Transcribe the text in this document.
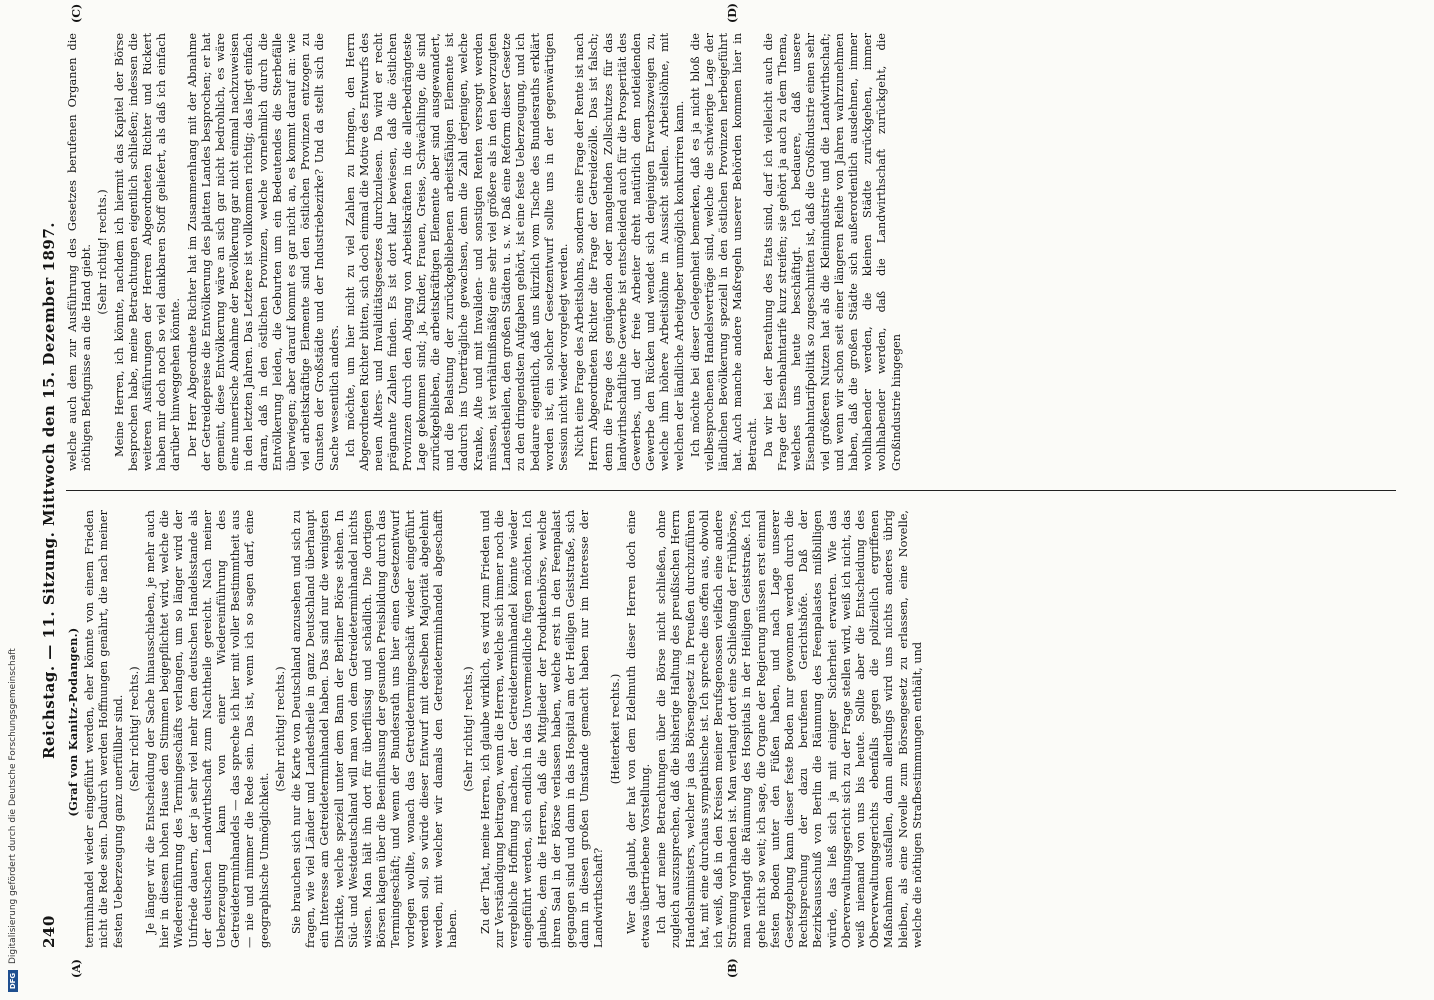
DFG
Digitalisierung gefördert durch die Deutsche Forschungsgemeinschaft 240
Reichstag. — 11. Sitzung. Mittwoch den 15. Dezember 1897. (Graf von Kanitz-Podangen.) terminhandel wieder eingeführt werden, eher könnte von einem Frieden nicht die Rede sein. Dadurch werden Hoffnungen genährt, die nach meiner festen Ueberzeugung ganz unerfüllbar sind. (Sehr richtig! rechts.) Je länger wir die Entscheidung der Sache hinausschieben, je mehr auch hier in diesem hohen Hause den Stimmen beigepflichtet wird, welche die Wiedereinführung des Termingeschäfts verlangen, um so länger wird der Unfriede dauern, der ja sehr viel mehr dem deutschen Handelsstande als der deutschen Landwirthschaft zum Nachtheile gereicht. Nach meiner Ueberzeugung kann von einer Wiedereinführung des Getreideterminhandels — das spreche ich hier mit voller Bestimmtheit aus — nie und nimmer die Rede sein. Das ist, wenn ich so sagen darf, eine geographische Unmöglichkeit.

(Sehr richtig! rechts.) Sie brauchen sich nur die Karte von Deutschland anzusehen und sich zu fragen, wie viel Länder und Landestheile in ganz Deutschland überhaupt ein Interesse am Getreideterminhandel haben. Das sind nur die wenigsten Distrikte, welche speziell unter dem Bann der Berliner Börse stehen. In Süd- und Westdeutschland will man von dem Getreideterminhandel nichts wissen. Man hält ihn dort für überflüssig und schädlich. Die dortigen Börsen klagen über die Beeinflussung der gesunden Preisbildung durch das Termingeschäft; und wenn der Bundesrath uns hier einen Gesetzentwurf vorlegen wollte, wonach das Getreidetermingeschäft wieder eingeführt werden soll, so würde dieser Entwurf mit derselben Majorität abgelehnt werden, mit welcher wir damals den Getreideterminhandel abgeschafft haben.

(Sehr richtig! rechts.) Zu der That, meine Herren, ich glaube wirklich, es wird zum Frieden und zur Verständigung beitragen, wenn die Herren, welche sich immer noch die vergebliche Hoffnung machen, der Getreideterminhandel könnte wieder eingeführt werden, sich endlich in das Unvermeidliche fügen möchten. Ich glaube, dem die Herren, daß die Mitglieder der Produktenbörse, welche ihren Saal in der Börse verlassen haben, welche erst in den Feenpalast gegangen sind und dann in das Hospital am der Heiligen Geiststraße, sich dann in diesen großen Umstande gemacht haben nur im Interesse der Landwirthschaft?

(Heiterkeit rechts.) Wer das glaubt, der hat von dem Edelmuth dieser Herren doch eine etwas übertriebene Vorstellung. Ich darf meine Betrachtungen über die Börse nicht schließen, ohne zugleich auszusprechen, daß die bisherige Haltung des preußischen Herrn Handelsministers, welcher ja das Börsengesetz in Preußen durchzuführen hat, mit eine durchaus sympathische ist. Ich spreche dies offen aus, obwohl ich weiß, daß in den Kreisen meiner Berufsgenossen vielfach eine andere Strömung vorhanden ist. Man verlangt dort eine Schließung der Frühbörse, man verlangt die Räumung des Hospitals in der Heiligen Geiststraße. Ich gehe nicht so weit; ich sage, die Organe der Regierung müssen erst einmal festen Boden unter den Füßen haben, und nach Lage unserer Gesetzgebung kann dieser feste Boden nur gewonnen werden durch die Rechtsprechung der dazu berufenen Gerichtshöfe. Daß der Bezirksausschuß von Berlin die Räumung des Feenpalastes mißbilligen würde, das ließ sich ja mit einiger Sicherheit erwarten. Wie das Oberverwaltungsgericht sich zu der Frage stellen wird, weiß ich nicht, das weiß niemand von uns bis heute. Sollte aber die Entscheidung des Oberverwaltungsgerichts ebenfalls gegen die polizeilich ergriffenen Maßnahmen ausfallen, dann allerdings wird uns nichts anderes übrig bleiben, als eine Novelle zum Börsengesetz zu erlassen, eine Novelle, welche die nöthigen Strafbestimmungen enthält, und

welche auch dem zur Ausführung des Gesetzes berufenen Organen die nöthigen Befugnisse an die Hand giebt. (Sehr richtig! rechts.) Meine Herren, ich könnte, nachdem ich hiermit das Kapitel der Börse besprochen habe, meine Betrachtungen eigentlich schließen; indessen die weiteren Ausführungen der Herren Abgeordneten Richter und Rickert haben mir doch noch so viel dankbaren Stoff geliefert, als daß ich einfach darüber hinweggehen könnte. Der Herr Abgeordnete Richter hat im Zusammenhang mit der Abnahme der Getreidepreise die Entvölkerung des platten Landes besprochen; er hat gemeint, diese Entvölkerung wäre an sich gar nicht bedrohlich, es wäre eine numerische Abnahme der Bevölkerung gar nicht einmal nachzuweisen in den letzten Jahren. Das Letztere ist vollkommen richtig; das liegt einfach daran, daß in den östlichen Provinzen, welche vornehmlich durch die Entvölkerung leiden, die Geburten um ein Bedeutendes die Sterbefälle überwiegen; aber darauf kommt es gar nicht an, es kommt darauf an: wie viel arbeitskräftige Elemente sind den östlichen Provinzen entzogen zu Gunsten der Großstädte und der Industriebezirke? Und da stellt sich die Sache wesentlich anders. Ich möchte, um hier nicht zu viel Zahlen zu bringen, den Herrn Abgeordneten Richter bitten, sich doch einmal die Motive des Entwurfs des neuen Alters- und Invaliditätsgesetzes durchzulesen. Da wird er recht prägnante Zahlen finden. Es ist dort klar bewiesen, daß die östlichen Provinzen durch den Abgang von Arbeitskräften in die allerbedrängteste Lage gekommen sind; ja, Kinder, Frauen, Greise, Schwächlinge, die sind zurückgeblieben, die arbeitskräftigen Elemente aber sind ausgewandert, und die Belastung der zurückgebliebenen arbeitsfähigen Elemente ist dadurch ins Unerträgliche gewachsen, denn die Zahl derjenigen, welche Kranke, Alte und mit Invaliden- und sonstigen Renten versorgt werden müssen, ist verhältnißmäßig eine sehr viel größere als in den bevorzugten Landestheilen, den großen Städten u. s. w. Daß eine Reform dieser Gesetze zu den dringendsten Aufgaben gehört, ist eine feste Ueberzeugung, und ich bedaure eigentlich, daß uns kürzlich vom Tische des Bundesraths erklärt worden ist, ein solcher Gesetzentwurf sollte uns in der gegenwärtigen Session nicht wieder vorgelegt werden. Nicht eine Frage des Arbeitslohns, sondern eine Frage der Rente ist nach Herrn Abgeordneten Richter die Frage der Getreidezölle. Das ist falsch; denn die Frage des genügenden oder mangelnden Zollschutzes für das landwirthschaftliche Gewerbe ist entscheidend auch für die Prosperität des Gewerbes, und der freie Arbeiter dreht natürlich dem notleidenden Gewerbe den Rücken und wendet sich denjenigen Erwerbszweigen zu, welche ihm höhere Arbeitslöhne in Aussicht stellen. Arbeitslöhne, mit welchen der ländliche Arbeitgeber unmöglich konkurriren kann. Ich möchte bei dieser Gelegenheit bemerken, daß es ja nicht bloß die vielbesprochenen Handelsverträge sind, welche die schwierige Lage der ländlichen Bevölkerung speziell in den östlichen Provinzen herbeigeführt hat. Auch manche andere Maßregeln unserer Behörden kommen hier in Betracht. Da wir bei der Berathung des Etats sind, darf ich vielleicht auch die Frage der Eisenbahntarife kurz streifen; sie gehört ja auch zu dem Thema, welches uns heute beschäftigt. Ich bedauere, daß unsere Eisenbahntarifpolitik so zugeschnitten ist, daß die Großindustrie einen sehr viel größeren Nutzen hat als die Kleinindustrie und die Landwirthschaft; und wenn wir schon seit einer längeren Reihe von Jahren wahrzunehmen haben, daß die großen Städte sich außerordentlich ausdehnen, immer wohlhabender werden, die kleinen Städte zurückgehen, immer wohlhabender werden, daß die Landwirthschaft zurückgeht, die Großindustrie hingegen

(A)	(B)
(C)	(D)
